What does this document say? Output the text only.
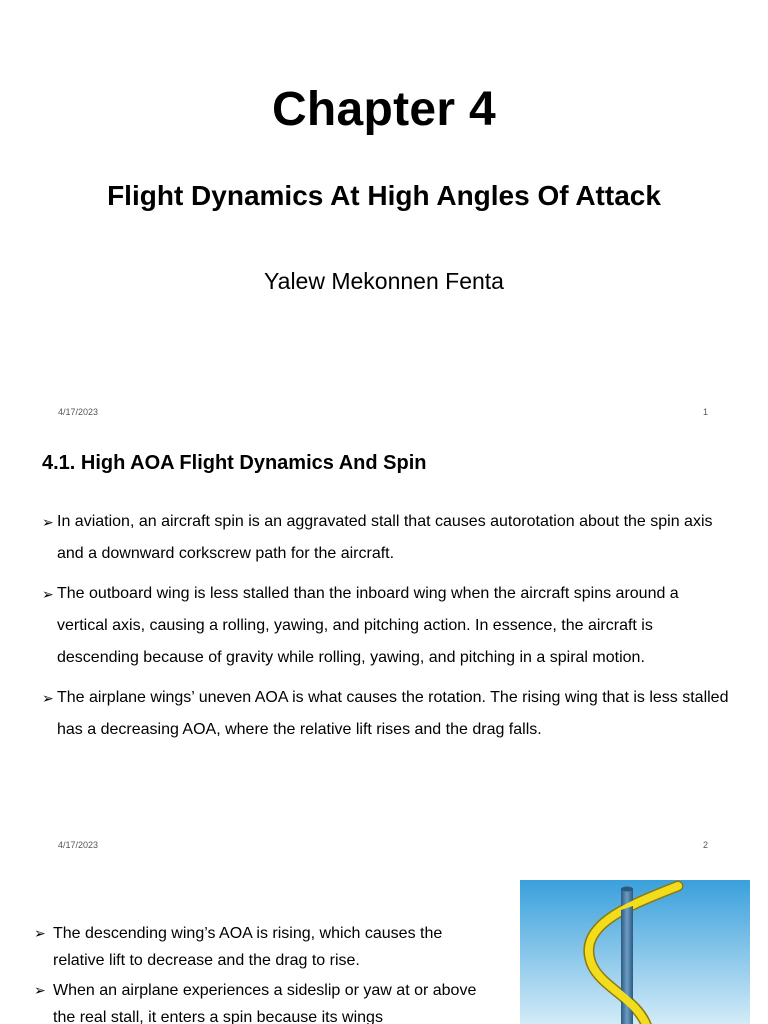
Chapter 4
Flight Dynamics At High Angles Of Attack
Yalew Mekonnen Fenta
4/17/2023	1
4.1. High AOA Flight Dynamics And Spin
➢ In aviation, an aircraft spin is an aggravated stall that causes autorotation about the spin axis and a downward corkscrew path for the aircraft.
➢ The outboard wing is less stalled than the inboard wing when the aircraft spins around a vertical axis, causing a rolling, yawing, and pitching action. In essence, the aircraft is descending because of gravity while rolling, yawing, and pitching in a spiral motion.
➢ The airplane wings’ uneven AOA is what causes the rotation. The rising wing that is less stalled has a decreasing AOA, where the relative lift rises and the drag falls.
4/17/2023	2
➢ The descending wing’s AOA is rising, which causes the relative lift to decrease and the drag to rise.
➢ When an airplane experiences a sideslip or yaw at or above the real stall, it enters a spin because its wings
